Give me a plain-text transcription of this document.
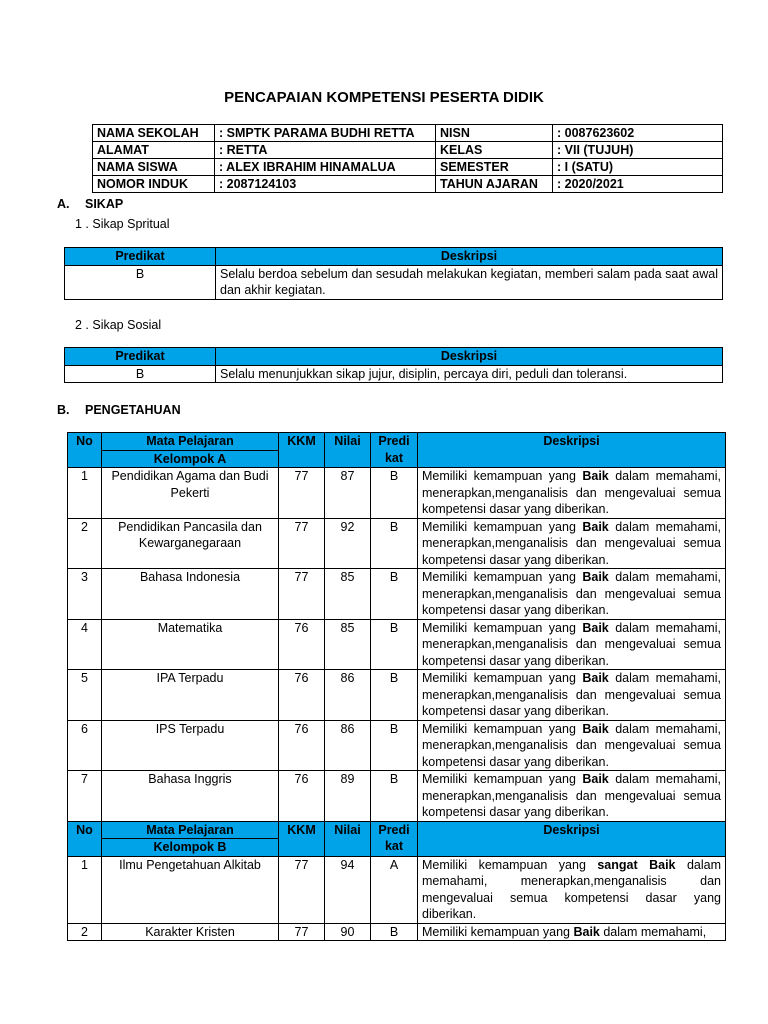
PENCAPAIAN KOMPETENSI PESERTA DIDIK
NAMA SEKOLAH	: SMPTK PARAMA BUDHI RETTA	NISN	: 0087623602
ALAMAT	: RETTA	KELAS	: VII (TUJUH)
NAMA SISWA	: ALEX IBRAHIM HINAMALUA	SEMESTER	: I (SATU)
NOMOR INDUK	: 2087124103	TAHUN AJARAN	: 2020/2021
A. SIKAP
1 . Sikap Spritual
Predikat	Deskripsi
B	Selalu berdoa sebelum dan sesudah melakukan kegiatan, memberi salam pada saat awal dan akhir kegiatan.
2 . Sikap Sosial
Predikat	Deskripsi
B	Selalu menunjukkan sikap jujur, disiplin, percaya diri, peduli dan toleransi.
B. PENGETAHUAN
No	Mata Pelajaran	KKM	Nilai	Predi kat	Deskripsi
	Kelompok A				
1	Pendidikan Agama dan Budi Pekerti	77	87	B	Memiliki kemampuan yang Baik dalam memahami, menerapkan,menganalisis dan mengevaluai semua kompetensi dasar yang diberikan.
2	Pendidikan Pancasila dan Kewarganegaraan	77	92	B	Memiliki kemampuan yang Baik dalam memahami, menerapkan,menganalisis dan mengevaluai semua kompetensi dasar yang diberikan.
3	Bahasa Indonesia	77	85	B	Memiliki kemampuan yang Baik dalam memahami, menerapkan,menganalisis dan mengevaluai semua kompetensi dasar yang diberikan.
4	Matematika	76	85	B	Memiliki kemampuan yang Baik dalam memahami, menerapkan,menganalisis dan mengevaluai semua kompetensi dasar yang diberikan.
5	IPA Terpadu	76	86	B	Memiliki kemampuan yang Baik dalam memahami, menerapkan,menganalisis dan mengevaluai semua kompetensi dasar yang diberikan.
6	IPS Terpadu	76	86	B	Memiliki kemampuan yang Baik dalam memahami, menerapkan,menganalisis dan mengevaluai semua kompetensi dasar yang diberikan.
7	Bahasa Inggris	76	89	B	Memiliki kemampuan yang Baik dalam memahami, menerapkan,menganalisis dan mengevaluai semua kompetensi dasar yang diberikan.
No	Mata Pelajaran	KKM	Nilai	Predi kat	Deskripsi
	Kelompok B				
1	Ilmu Pengetahuan Alkitab	77	94	A	Memiliki kemampuan yang sangat Baik dalam memahami, menerapkan,menganalisis dan mengevaluai semua kompetensi dasar yang diberikan.
2	Karakter Kristen	77	90	B	Memiliki kemampuan yang Baik dalam memahami,
